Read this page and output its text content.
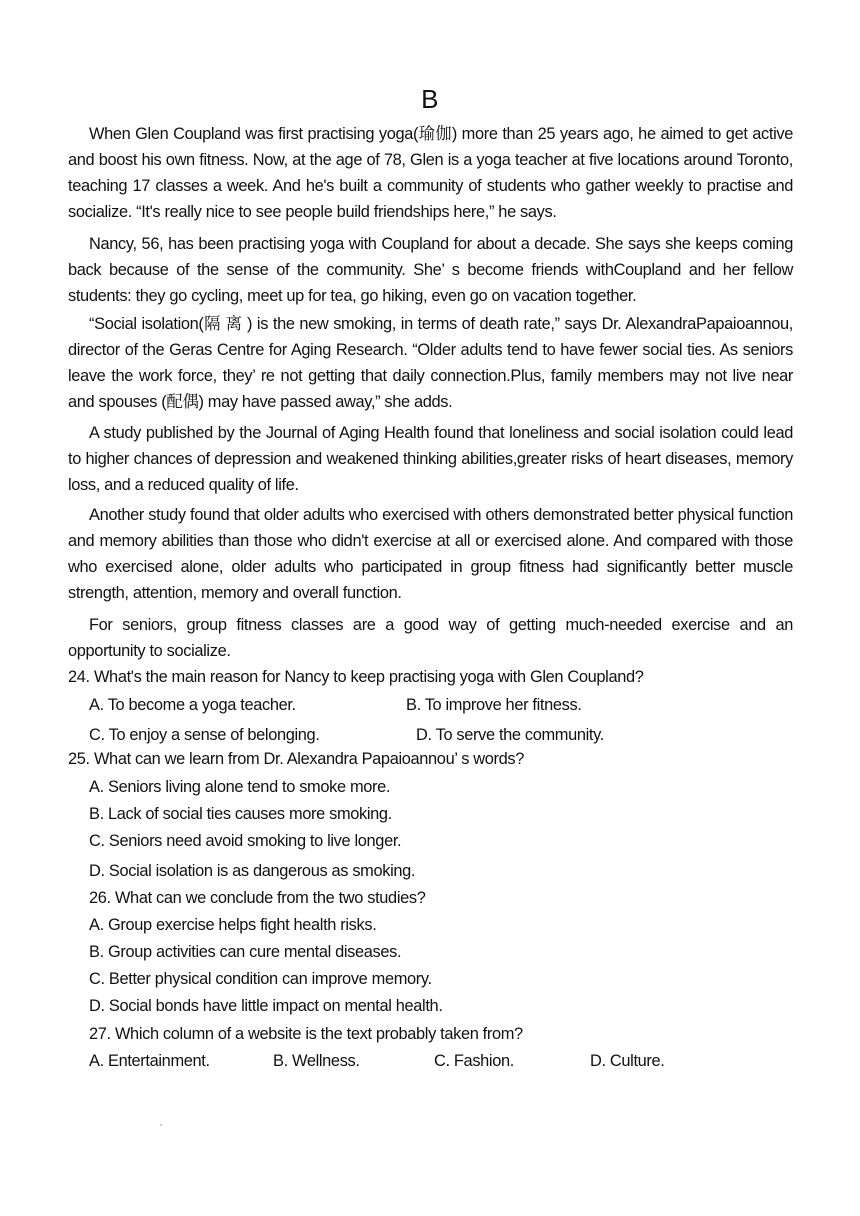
B

When Glen Coupland was first practising yoga(瑜伽) more than 25 years ago, he aimed to get active and boost his own fitness. Now, at the age of 78, Glen is a yoga teacher at five locations around Toronto, teaching 17 classes a week. And he's built a community of students who gather weekly to practise and socialize. “It's really nice to see people build friendships here,” he says.

Nancy, 56, has been practising yoga with Coupland for about a decade. She says she keeps coming back because of the sense of the community. She’ s become friends withCoupland and her fellow students: they go cycling, meet up for tea, go hiking, even go on vacation together.

“Social isolation(隔 离 ) is the new smoking, in terms of death rate,” says Dr. AlexandraPapaioannou, director of the Geras Centre for Aging Research. “Older adults tend to have fewer social ties. As seniors leave the work force, they’ re not getting that daily connection.Plus, family members may not live near and spouses (配偶) may have passed away,” she adds.

A study published by the Journal of Aging Health found that loneliness and social isolation could lead to higher chances of depression and weakened thinking abilities,greater risks of heart diseases, memory loss, and a reduced quality of life.

Another study found that older adults who exercised with others demonstrated better physical function and memory abilities than those who didn't exercise at all or exercised alone. And compared with those who exercised alone, older adults who participated in group fitness had significantly better muscle strength, attention, memory and overall function.

For seniors, group fitness classes are a good way of getting much-needed exercise and an opportunity to socialize.

24. What's the main reason for Nancy to keep practising yoga with Glen Coupland?
A. To become a yoga teacher.	B. To improve her fitness.
C. To enjoy a sense of belonging.	D. To serve the community.
25. What can we learn from Dr. Alexandra Papaioannou’ s words?
A. Seniors living alone tend to smoke more.
B. Lack of social ties causes more smoking.
C. Seniors need avoid smoking to live longer.
D. Social isolation is as dangerous as smoking.
26. What can we conclude from the two studies?
A. Group exercise helps fight health risks.
B. Group activities can cure mental diseases.
C. Better physical condition can improve memory.
D. Social bonds have little impact on mental health.
27. Which column of a website is the text probably taken from?
A. Entertainment.	B. Wellness.	C. Fashion.	D. Culture.
